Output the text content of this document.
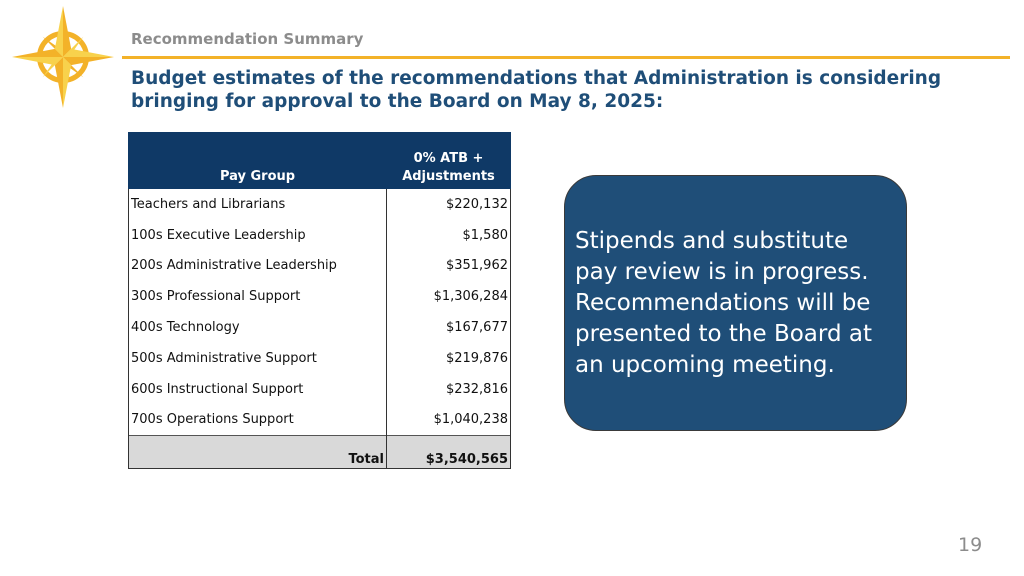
Recommendation Summary
Budget estimates of the recommendations that Administration is considering bringing for approval to the Board on May 8, 2025:
Pay Group	0% ATB +
Adjustments
Teachers and Librarians	$220,132
100s Executive Leadership	$1,580
200s Administrative Leadership	$351,962
300s Professional Support	$1,306,284
400s Technology	$167,677
500s Administrative Support	$219,876
600s Instructional Support	$232,816
700s Operations Support	$1,040,238
Total	$3,540,565
Stipends and substitute pay review is in progress. Recommendations will be presented to the Board at an upcoming meeting.
19
